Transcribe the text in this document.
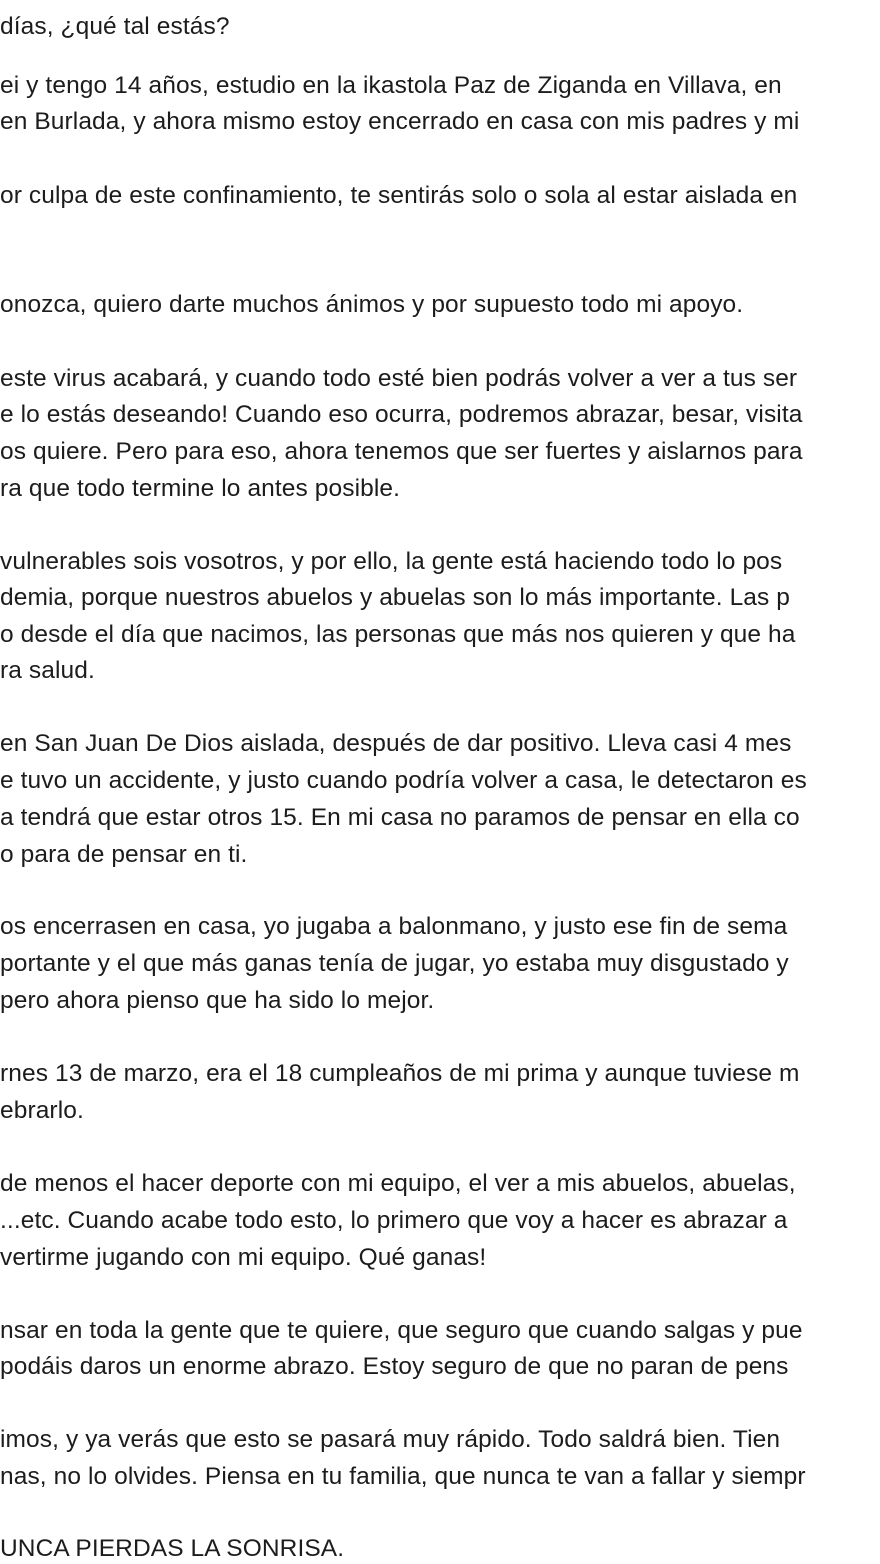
días, ¿qué tal estás?
ei y tengo 14 años, estudio en la ikastola Paz de Ziganda en Villava, en
en Burlada, y ahora mismo estoy encerrado en casa con mis padres y mi
or culpa de este confinamiento, te sentirás solo o sola al estar aislada en
onozca, quiero darte muchos ánimos y por supuesto todo mi apoyo.
este virus acabará, y cuando todo esté bien podrás volver a ver a tus ser
e lo estás deseando! Cuando eso ocurra, podremos abrazar, besar, visita
os quiere. Pero para eso, ahora tenemos que ser fuertes y aislarnos para
ra que todo termine lo antes posible.
vulnerables sois vosotros, y por ello, la gente está haciendo todo lo pos
demia, porque nuestros abuelos y abuelas son lo más importante. Las p
o desde el día que nacimos, las personas que más nos quieren y que ha
ra salud.
en San Juan De Dios aislada, después de dar positivo. Lleva casi 4 mes
e tuvo un accidente, y justo cuando podría volver a casa, le detectaron es
a tendrá que estar otros 15. En mi casa no paramos de pensar en ella co
o para de pensar en ti.
os encerrasen en casa, yo jugaba a balonmano, y justo ese fin de sema
portante y el que más ganas tenía de jugar, yo estaba muy disgustado y
pero ahora pienso que ha sido lo mejor.
rnes 13 de marzo, era el 18 cumpleaños de mi prima y aunque tuviese m
ebrarlo.
de menos el hacer deporte con mi equipo, el ver a mis abuelos, abuelas,
...etc. Cuando acabe todo esto, lo primero que voy a hacer es abrazar a
vertirme jugando con mi equipo. Qué ganas!
nsar en toda la gente que te quiere, que seguro que cuando salgas y pue
podáis daros un enorme abrazo. Estoy seguro de que no paran de pens
imos, y ya verás que esto se pasará muy rápido. Todo saldrá bien. Tien
nas, no lo olvides. Piensa en tu familia, que nunca te van a fallar y siempr
UNCA PIERDAS LA SONRISA.
